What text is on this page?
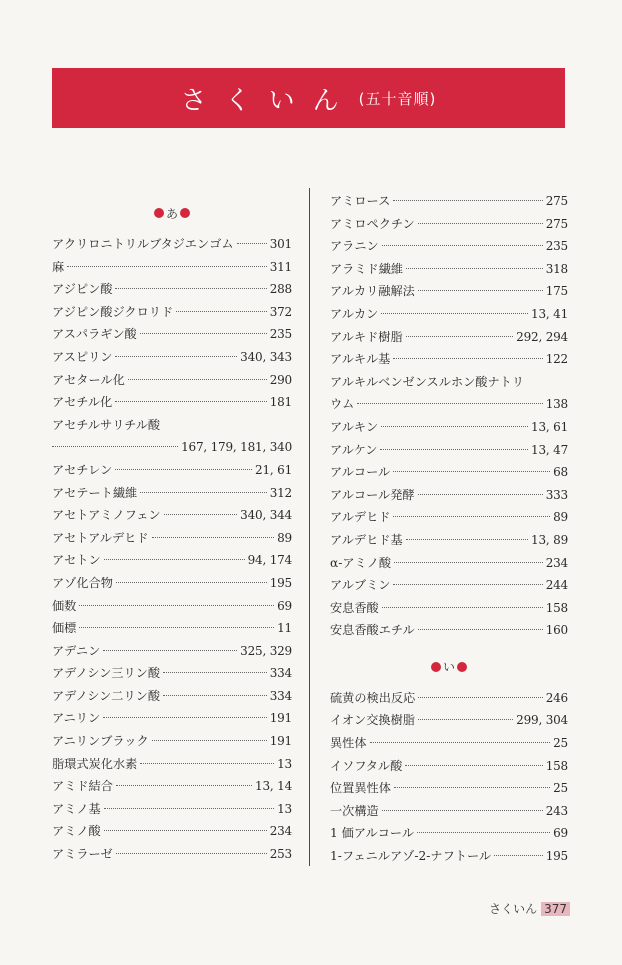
さくいん (五十音順)
あ
アクリロニトリルブタジエンゴム	301
麻	311
アジピン酸	288
アジピン酸ジクロリド	372
アスパラギン酸	235
アスピリン	340, 343
アセタール化	290
アセチル化	181
アセチルサリチル酸
167, 179, 181, 340
アセチレン	21, 61
アセテート繊維	312
アセトアミノフェン	340, 344
アセトアルデヒド	89
アセトン	94, 174
アゾ化合物	195
価数	69
価標	11
アデニン	325, 329
アデノシン三リン酸	334
アデノシン二リン酸	334
アニリン	191
アニリンブラック	191
脂環式炭化水素	13
アミド結合	13, 14
アミノ基	13
アミノ酸	234
アミラーゼ	253
アミロース	275
アミロペクチン	275
アラニン	235
アラミド繊維	318
アルカリ融解法	175
アルカン	13, 41
アルキド樹脂	292, 294
アルキル基	122
アルキルベンゼンスルホン酸ナトリ
ウム	138
アルキン	13, 61
アルケン	13, 47
アルコール	68
アルコール発酵	333
アルデヒド	89
アルデヒド基	13, 89
α-アミノ酸	234
アルブミン	244
安息香酸	158
安息香酸エチル	160
い
硫黄の検出反応	246
イオン交換樹脂	299, 304
異性体	25
イソフタル酸	158
位置異性体	25
一次構造	243
1 価アルコール	69
1-フェニルアゾ-2-ナフトール	195
さくいん 377
